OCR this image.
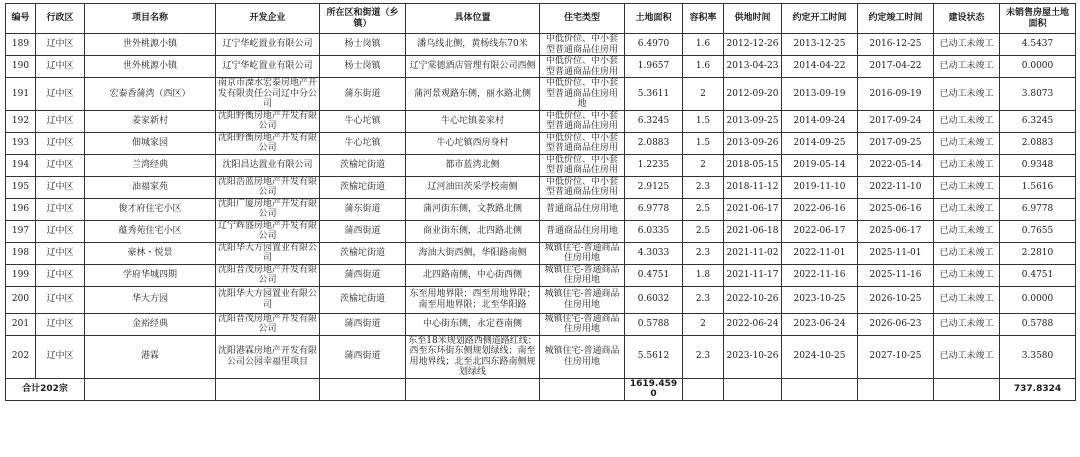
编号	行政区	项目名称	开发企业	所在区和街道（乡镇）	具体位置	住宅类型	土地面积	容积率	供地时间	约定开工时间	约定竣工时间	建设状态	未销售房屋土地面积
189	辽中区	世外桃源小镇	辽宁华屹置业有限公司	杨士岗镇	潘乌线北侧，黄杨线东70米	中低价位、中小套型普通商品住房用	6.4970	1.6	2012-12-26	2013-12-25	2016-12-25	已动工未竣工	4.5437
190	辽中区	世外桃源小镇	辽宁华屹置业有限公司	杨士岗镇	辽宁棠德酒店管理有限公司西侧	中低价位、中小套型普通商品住房用	1.9657	1.6	2013-04-23	2014-04-22	2017-04-22	已动工未竣工	0.0000
191	辽中区	宏泰香蒲湾（西区）	南京市溧水宏泰房地产开发有限责任公司辽中分公司	蒲东街道	蒲河景观路东侧，丽水路北侧	中低价位、中小套型普通商品住房用地	5.3611	2	2012-09-20	2013-09-19	2016-09-19	已动工未竣工	3.8073
192	辽中区	姜家新村	沈阳野衡房地产开发有限公司	牛心坨镇	牛心坨镇姜家村	中低价位、中小套型普通商品住房用	6.3245	1.5	2013-09-25	2014-09-24	2017-09-24	已动工未竣工	6.3245
193	辽中区	佃城家园	沈阳野衡房地产开发有限公司	牛心坨镇	牛心坨镇西房身村	中低价位、中小套型普通商品住房用	2.0883	1.5	2013-09-26	2014-09-25	2017-09-25	已动工未竣工	2.0883
194	辽中区	兰湾经典	沈阳昌达置业有限公司	茨榆坨街道	都市蓝湾北侧	中低价位、中小套型普通商品住房用	1.2235	2	2018-05-15	2019-05-14	2022-05-14	已动工未竣工	0.9348
195	辽中区	油福家苑	沈阳浩蓝房地产开发有限公司	茨榆坨街道	辽河油田茨采学校南侧	中低价位、中小套型普通商品住房用	2.9125	2.3	2018-11-12	2019-11-10	2022-11-10	已动工未竣工	1.5616
196	辽中区	俊才府住宅小区	沈阳广厦房地产开发有限公司	蒲东街道	蒲河街东侧，文教路北侧	普通商品住房用地	6.9778	2.5	2021-06-17	2022-06-16	2025-06-16	已动工未竣工	6.9778
197	辽中区	蕴秀苑住宅小区	辽宁辉盛房地产开发有限公司	蒲西街道	商业街东侧，北四路北侧	普通商品住房用地	6.0335	2.5	2021-06-18	2022-06-17	2025-06-17	已动工未竣工	0.7655
198	辽中区	豪林・悦景	沈阳华大方园置业有限公司	茨榆坨街道	海油大街西侧，华阳路南侧	城镇住宅-普通商品住房用地	4.3033	2.3	2021-11-02	2022-11-01	2025-11-01	已动工未竣工	2.2810
199	辽中区	学府华城四期	沈阳晋茂房地产开发有限公司	蒲西街道	北四路南侧，中心街西侧	城镇住宅-普通商品住房用地	0.4751	1.8	2021-11-17	2022-11-16	2025-11-16	已动工未竣工	0.4751
200	辽中区	华大方园	沈阳华大方园置业有限公司	茨榆坨街道	东至用地界限；西至用地界限；南至用地界限；北至华阳路	城镇住宅-普通商品住房用地	0.6032	2.3	2022-10-26	2023-10-25	2026-10-25	已动工未竣工	0.0000
201	辽中区	金裕经典	沈阳晋茂房地产开发有限公司	蒲西街道	中心街东侧，永定巷南侧	城镇住宅-普通商品住房用地	0.5788	2	2022-06-24	2023-06-24	2026-06-23	已动工未竣工	0.5788
202	辽中区	港霖	沈阳港霖房地产开发有限公司公园幸福里项目	蒲西街道	东至18米规划路西侧道路红线；西至东环街东侧规划绿线；南至用地界线；北至北四东路南侧规划绿线	城镇住宅-普通商品住房用地	5.5612	2.3	2023-10-26	2024-10-25	2027-10-25	已动工未竣工	3.3580
合计202宗							1619.4590						737.8324
